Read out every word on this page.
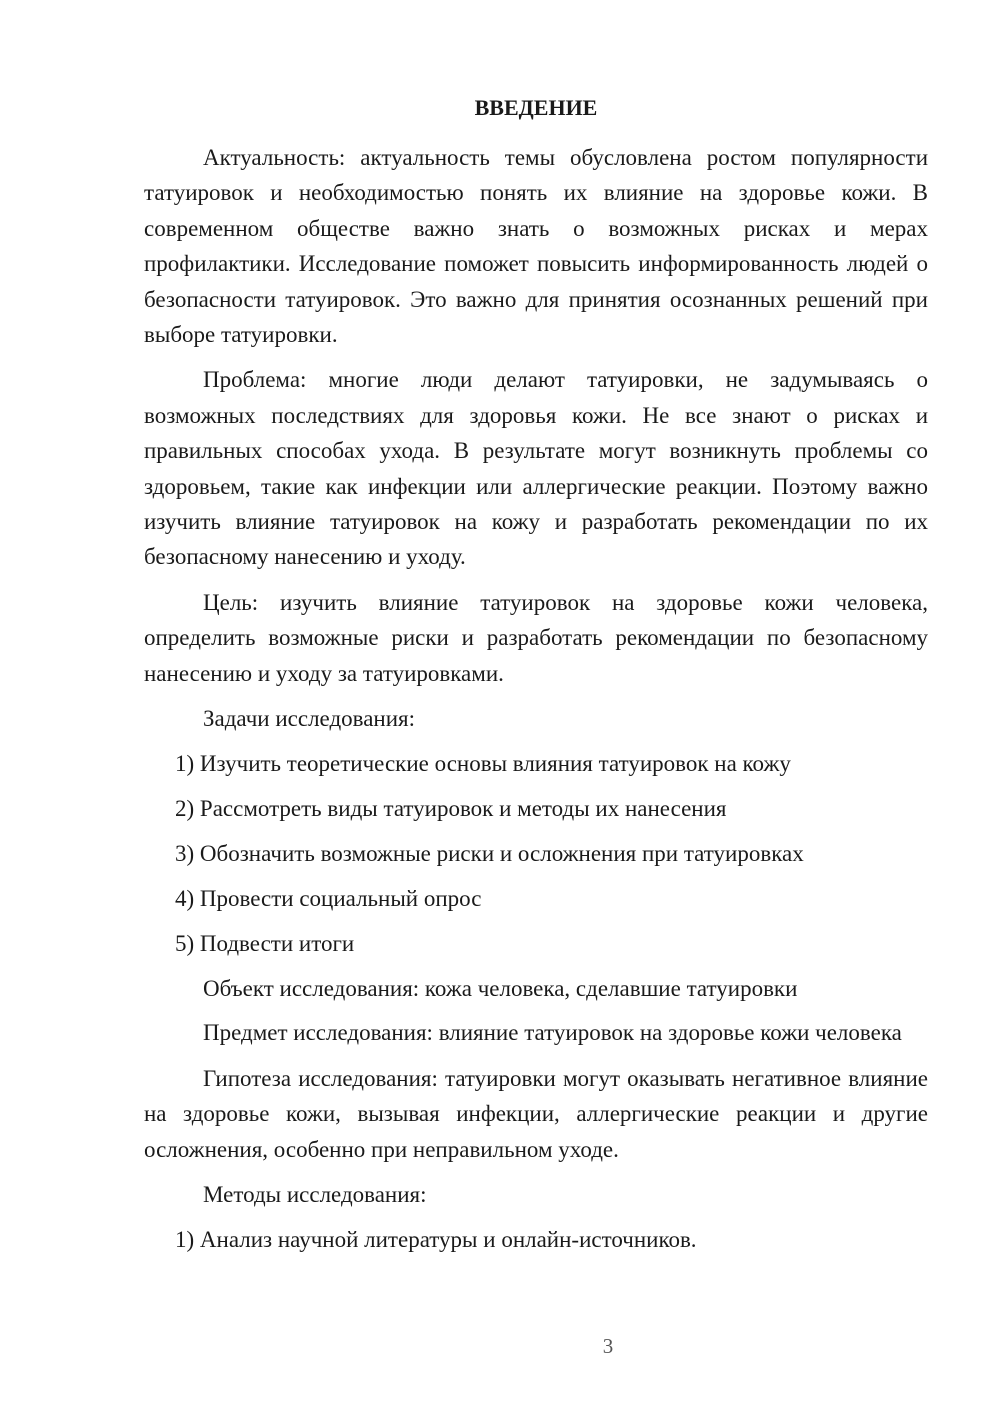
ВВЕДЕНИЕ

Актуальность: актуальность темы обусловлена ростом популярности татуировок и необходимостью понять их влияние на здоровье кожи. В современном обществе важно знать о возможных рисках и мерах профилактики. Исследование поможет повысить информированность людей о безопасности татуировок. Это важно для принятия осознанных решений при выборе татуировки.

Проблема: многие люди делают татуировки, не задумываясь о возможных последствиях для здоровья кожи. Не все знают о рисках и правильных способах ухода. В результате могут возникнуть проблемы со здоровьем, такие как инфекции или аллергические реакции. Поэтому важно изучить влияние татуировок на кожу и разработать рекомендации по их безопасному нанесению и уходу.

Цель: изучить влияние татуировок на здоровье кожи человека, определить возможные риски и разработать рекомендации по безопасному нанесению и уходу за татуировками.

Задачи исследования:
1) Изучить теоретические основы влияния татуировок на кожу
2) Рассмотреть виды татуировок и методы их нанесения
3) Обозначить возможные риски и осложнения при татуировках
4) Провести социальный опрос
5) Подвести итоги
Объект исследования: кожа человека, сделавшие татуировки

Предмет исследования: влияние татуировок на здоровье кожи человека

Гипотеза исследования: татуировки могут оказывать негативное влияние на здоровье кожи, вызывая инфекции, аллергические реакции и другие осложнения, особенно при неправильном уходе.

Методы исследования:
1) Анализ научной литературы и онлайн-источников.
3
